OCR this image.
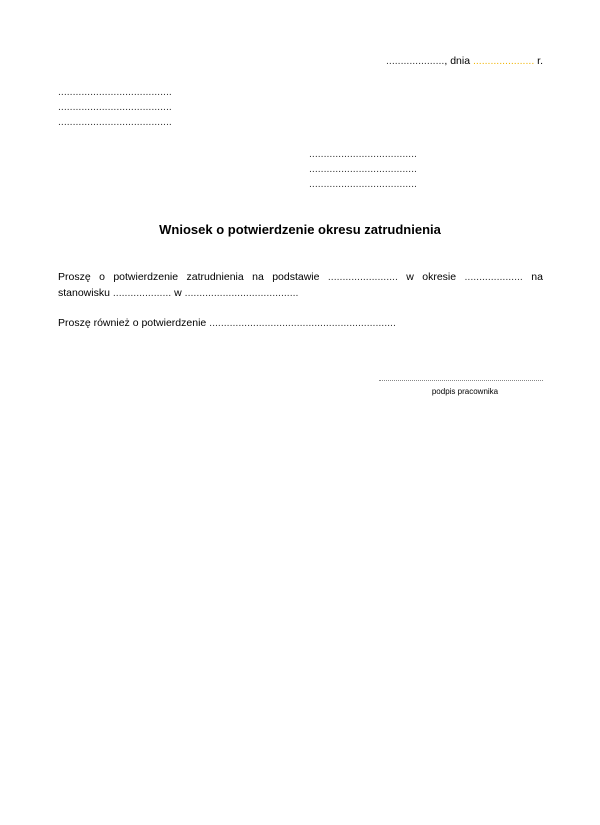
...................., dnia ..................... r.
.......................................
.......................................
.......................................
.....................................
.....................................
.....................................
Wniosek o potwierdzenie okresu zatrudnienia
Proszę o potwierdzenie zatrudnienia na podstawie ........................ w okresie .................... na
stanowisku .................... w .......................................
Proszę również o potwierdzenie ................................................................
podpis pracownika
